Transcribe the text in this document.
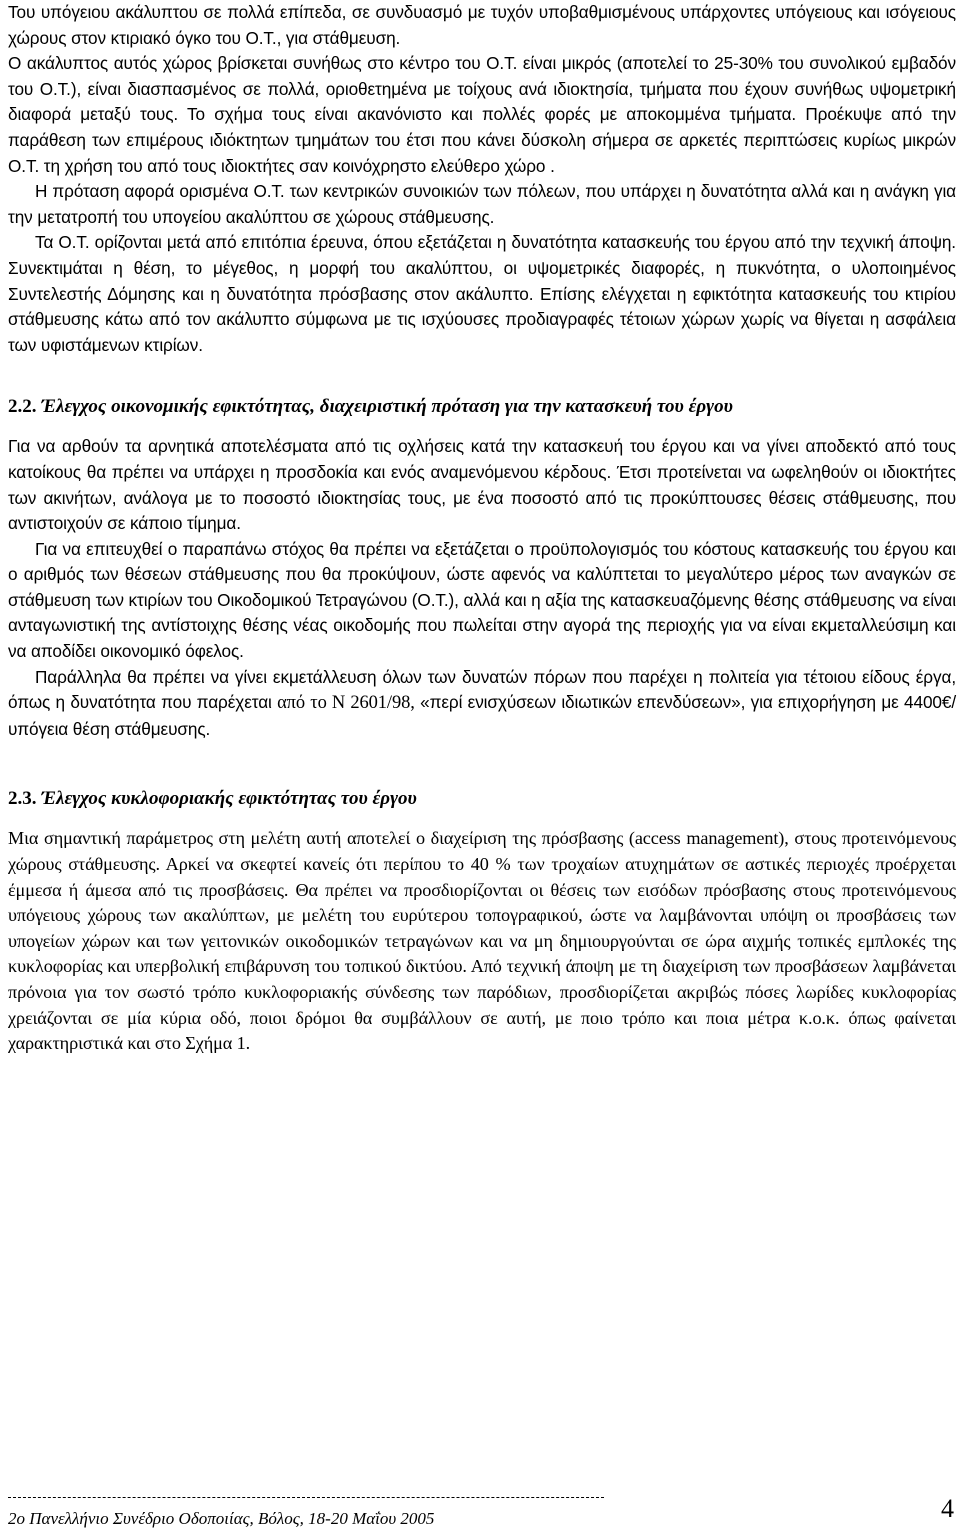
Του υπόγειου ακάλυπτου σε πολλά επίπεδα, σε συνδυασμό με τυχόν υποβαθμισμένους υπάρχοντες υπόγειους και ισόγειους χώρους στον κτιριακό όγκο του Ο.Τ., για στάθμευση.

Ο ακάλυπτος αυτός χώρος βρίσκεται συνήθως στο κέντρο του Ο.Τ. είναι μικρός (αποτελεί το 25-30% του συνολικού εμβαδόν του Ο.Τ.), είναι διασπασμένος σε πολλά, οριοθετημένα με τοίχους ανά ιδιοκτησία, τμήματα που έχουν συνήθως υψομετρική διαφορά μεταξύ τους. Το σχήμα τους είναι ακανόνιστο και πολλές φορές με αποκομμένα τμήματα. Προέκυψε από την παράθεση των επιμέρους ιδιόκτητων τμημάτων του έτσι που κάνει δύσκολη σήμερα σε αρκετές περιπτώσεις κυρίως μικρών Ο.Τ. τη χρήση του από τους ιδιοκτήτες σαν κοινόχρηστο ελεύθερο χώρο .

Η πρόταση αφορά ορισμένα Ο.Τ. των κεντρικών συνοικιών των πόλεων, που υπάρχει η δυνατότητα αλλά και η ανάγκη για την μετατροπή του υπογείου ακαλύπτου σε χώρους στάθμευσης.

Τα Ο.Τ. ορίζονται μετά από επιτόπια έρευνα, όπου εξετάζεται η δυνατότητα κατασκευής του έργου από την τεχνική άποψη. Συνεκτιμάται η θέση, το μέγεθος, η μορφή του ακαλύπτου, οι υψομετρικές διαφορές, η πυκνότητα, ο υλοποιημένος Συντελεστής Δόμησης και η δυνατότητα πρόσβασης στον ακάλυπτο. Επίσης ελέγχεται η εφικτότητα κατασκευής του κτιρίου στάθμευσης κάτω από τον ακάλυπτο σύμφωνα με τις ισχύουσες προδιαγραφές τέτοιων χώρων χωρίς να θίγεται η ασφάλεια των υφιστάμενων κτιρίων.

2.2. Έλεγχος οικονομικής εφικτότητας, διαχειριστική πρόταση για την κατασκευή του έργου

Για να αρθούν τα αρνητικά αποτελέσματα από τις οχλήσεις κατά την κατασκευή του έργου και να γίνει αποδεκτό από τους κατοίκους θα πρέπει να υπάρχει η προσδοκία και ενός αναμενόμενου κέρδους. Έτσι προτείνεται να ωφεληθούν οι ιδιοκτήτες των ακινήτων, ανάλογα με το ποσοστό ιδιοκτησίας τους, με ένα ποσοστό από τις προκύπτουσες θέσεις στάθμευσης, που αντιστοιχούν σε κάποιο τίμημα.

Για να επιτευχθεί ο παραπάνω στόχος θα πρέπει να εξετάζεται ο προϋπολογισμός του κόστους κατασκευής του έργου και ο αριθμός των θέσεων στάθμευσης που θα προκύψουν, ώστε αφενός να καλύπτεται το μεγαλύτερο μέρος των αναγκών σε στάθμευση των κτιρίων του Οικοδομικού Τετραγώνου (Ο.Τ.), αλλά και η αξία της κατασκευαζόμενης θέσης στάθμευσης να είναι ανταγωνιστική της αντίστοιχης θέσης νέας οικοδομής που πωλείται στην αγορά της περιοχής για να είναι εκμεταλλεύσιμη και να αποδίδει οικονομικό όφελος.

Παράλληλα θα πρέπει να γίνει εκμετάλλευση όλων των δυνατών πόρων που παρέχει η πολιτεία για τέτοιου είδους έργα, όπως η δυνατότητα που παρέχεται από το Ν 2601/98, «περί ενισχύσεων ιδιωτικών επενδύσεων», για επιχορήγηση με 4400€/υπόγεια θέση στάθμευσης.

2.3. Έλεγχος κυκλοφοριακής εφικτότητας του έργου

Μια σημαντική παράμετρος στη μελέτη αυτή αποτελεί ο διαχείριση της πρόσβασης (access management), στους προτεινόμενους χώρους στάθμευσης. Αρκεί να σκεφτεί κανείς ότι περίπου το 40 % των τροχαίων ατυχημάτων σε αστικές περιοχές προέρχεται έμμεσα ή άμεσα από τις προσβάσεις. Θα πρέπει να προσδιορίζονται οι θέσεις των εισόδων πρόσβασης στους προτεινόμενους υπόγειους χώρους των ακαλύπτων, με μελέτη του ευρύτερου τοπογραφικού, ώστε να λαμβάνονται υπόψη οι προσβάσεις των υπογείων χώρων και των γειτονικών οικοδομικών τετραγώνων και να μη δημιουργούνται σε ώρα αιχμής τοπικές εμπλοκές της κυκλοφορίας και υπερβολική επιβάρυνση του τοπικού δικτύου. Από τεχνική άποψη με τη διαχείριση των προσβάσεων λαμβάνεται πρόνοια για τον σωστό τρόπο κυκλοφοριακής σύνδεσης των παρόδιων, προσδιορίζεται ακριβώς πόσες λωρίδες κυκλοφορίας χρειάζονται σε μία κύρια οδό, ποιοι δρόμοι θα συμβάλλουν σε αυτή, με ποιο τρόπο και ποια μέτρα κ.ο.κ. όπως φαίνεται χαρακτηριστικά και στο Σχήμα 1.

2ο Πανελλήνιο Συνέδριο Οδοποιίας, Βόλος, 18-20 Μαΐου 2005	4
